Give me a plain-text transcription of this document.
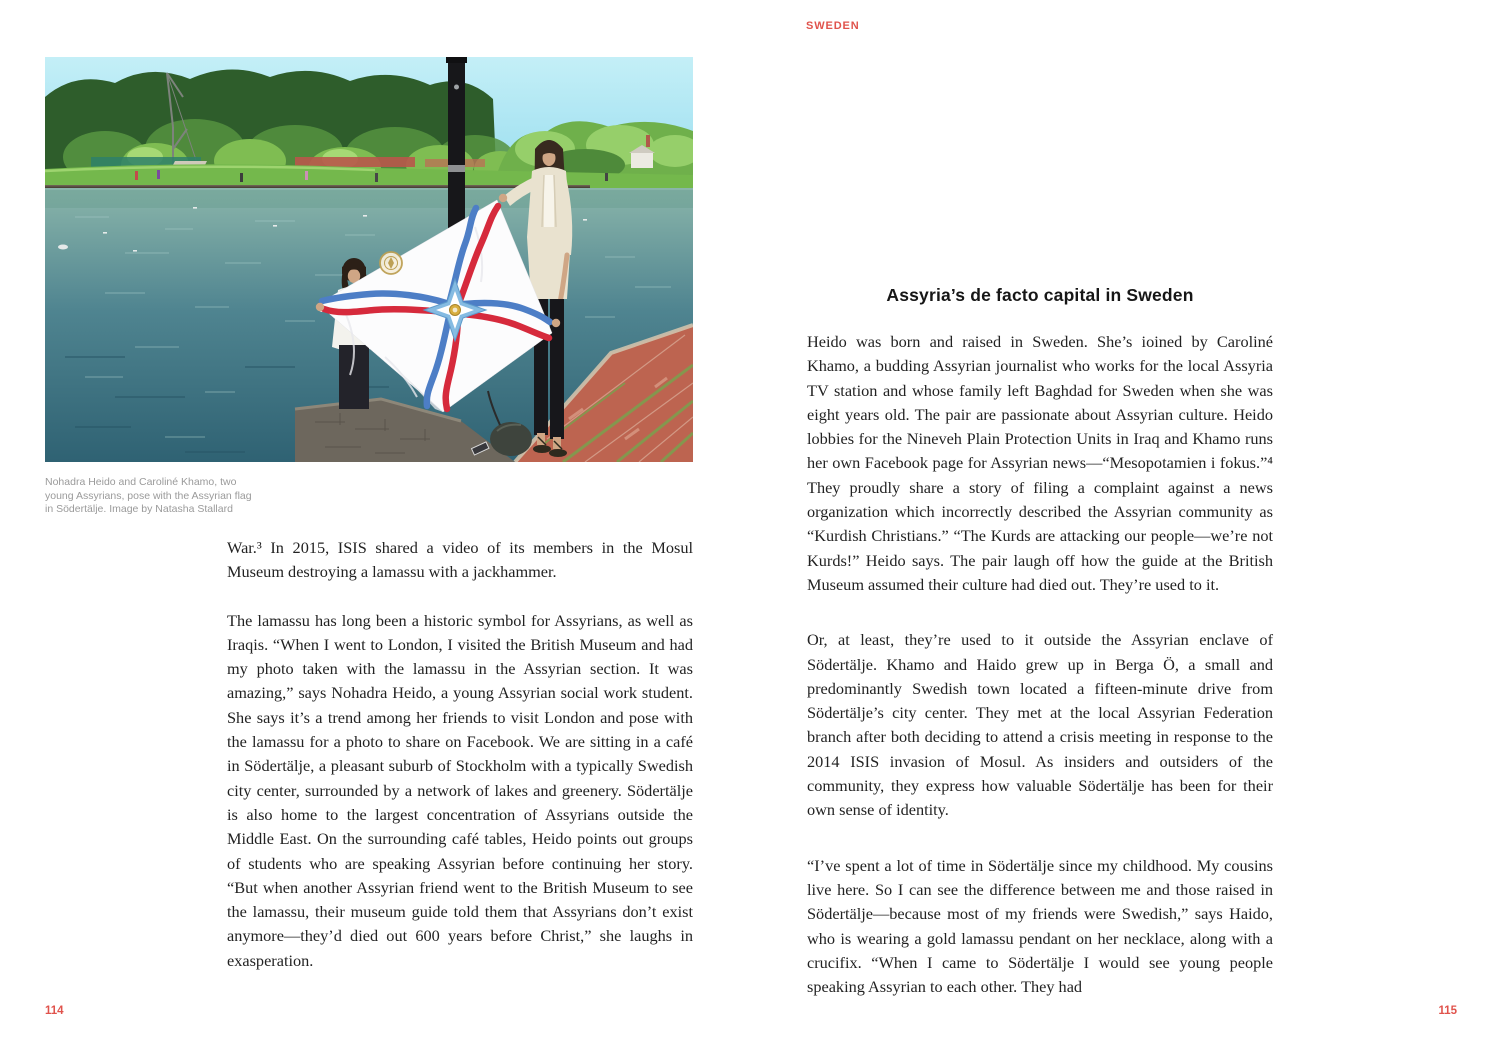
SWEDEN
Nohadra Heido and Caroliné Khamo, two young Assyrians, pose with the Assyrian flag in Södertälje. Image by Natasha Stallard

War.³ In 2015, ISIS shared a video of its members in the Mosul Museum destroying a lamassu with a jackhammer.

The lamassu has long been a historic symbol for Assyrians, as well as Iraqis. “When I went to London, I visited the British Museum and had my photo taken with the lamassu in the Assyrian section. It was amazing,” says Nohadra Heido, a young Assyrian social work student. She says it’s a trend among her friends to visit London and pose with the lamassu for a photo to share on Facebook. We are sitting in a café in Södertälje, a pleasant suburb of Stockholm with a typically Swedish city center, surrounded by a network of lakes and greenery. Södertälje is also home to the largest concentration of Assyrians outside the Middle East. On the surrounding café tables, Heido points out groups of students who are speaking Assyrian before continuing her story. “But when another Assyrian friend went to the British Museum to see the lamassu, their museum guide told them that Assyrians don’t exist anymore—they’d died out 600 years before Christ,” she laughs in exasperation.

Assyria’s de facto capital in Sweden

Heido was born and raised in Sweden. She’s ioined by Caroliné Khamo, a budding Assyrian journalist who works for the local Assyria TV station and whose family left Baghdad for Sweden when she was eight years old. The pair are passionate about Assyrian culture. Heido lobbies for the Nineveh Plain Protection Units in Iraq and Khamo runs her own Facebook page for Assyrian news—“Mesopotamien i fokus.”⁴ They proudly share a story of filing a complaint against a news organization which incorrectly described the Assyrian community as “Kurdish Christians.” “The Kurds are attacking our people—we’re not Kurds!” Heido says. The pair laugh off how the guide at the British Museum assumed their culture had died out. They’re used to it.

Or, at least, they’re used to it outside the Assyrian enclave of Södertälje. Khamo and Haido grew up in Berga Ö, a small and predominantly Swedish town located a fifteen-minute drive from Södertälje’s city center. They met at the local Assyrian Federation branch after both deciding to attend a crisis meeting in response to the 2014 ISIS invasion of Mosul. As insiders and outsiders of the community, they express how valuable Södertälje has been for their own sense of identity.

“I’ve spent a lot of time in Södertälje since my childhood. My cousins live here. So I can see the difference between me and those raised in Södertälje—because most of my friends were Swedish,” says Haido, who is wearing a gold lamassu pendant on her necklace, along with a crucifix. “When I came to Södertälje I would see young people speaking Assyrian to each other. They had

114	115
